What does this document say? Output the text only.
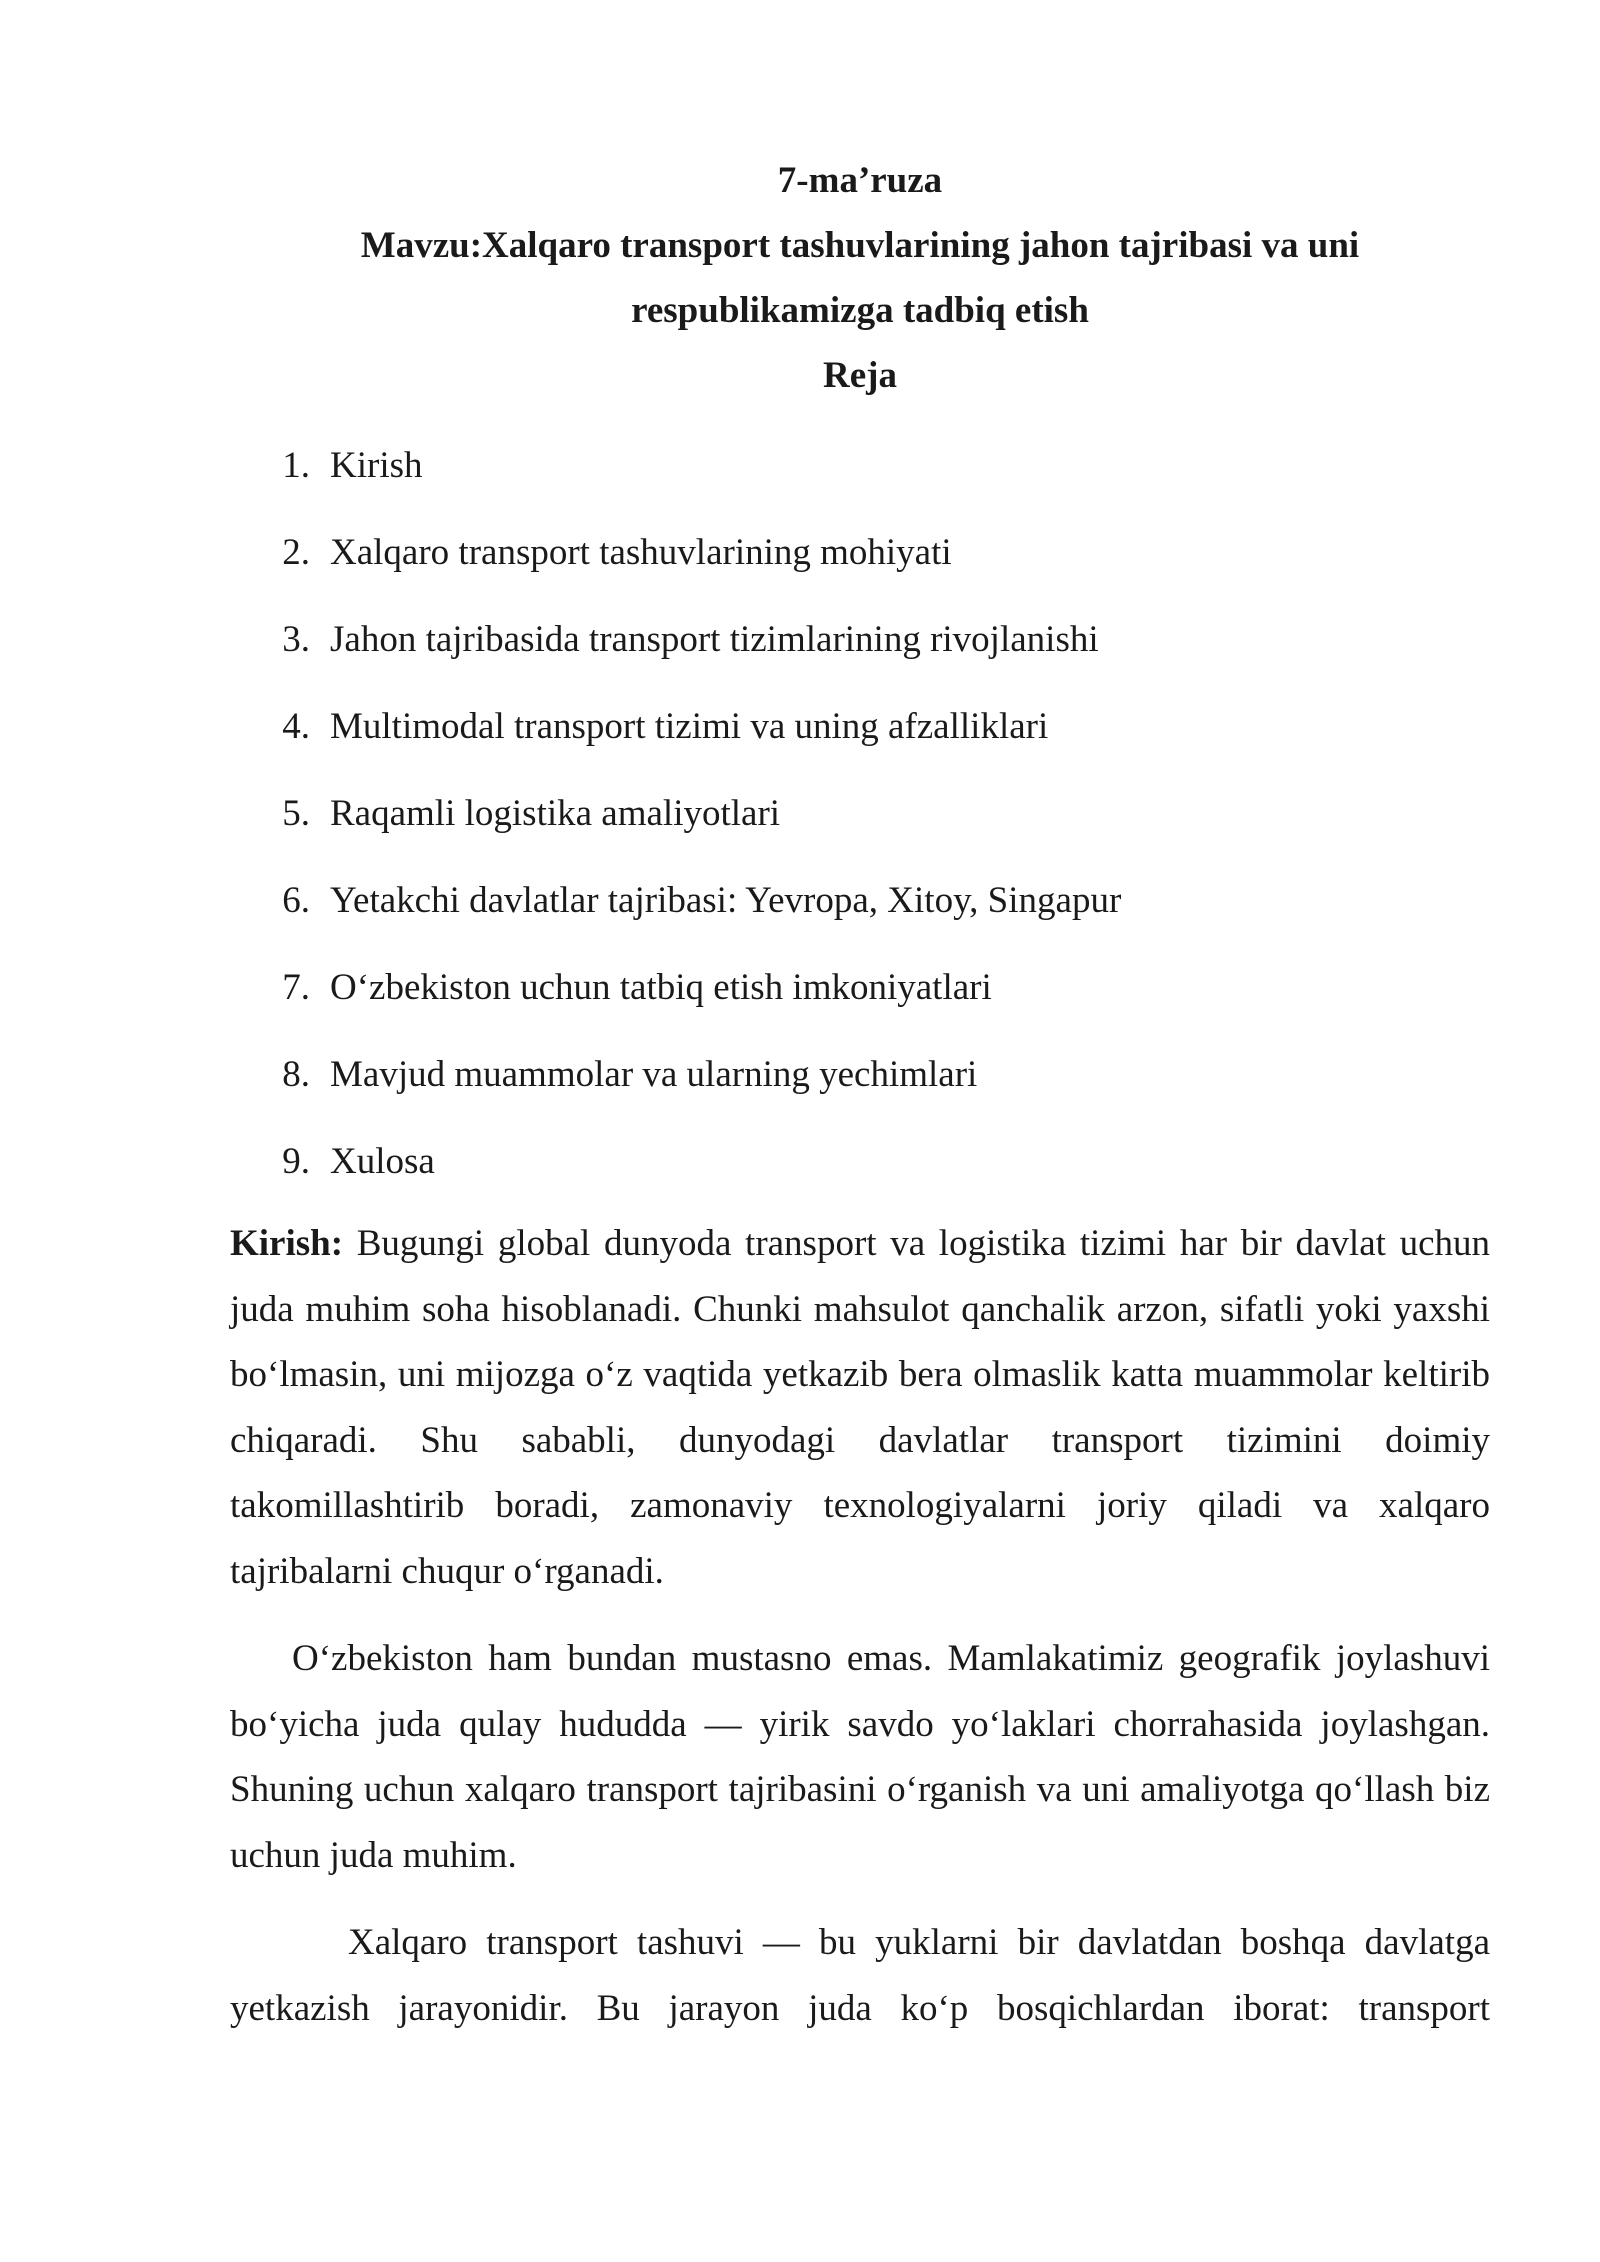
7-ma’ruza

Mavzu:Xalqaro transport tashuvlarining jahon tajribasi va uni

respublikamizga tadbiq etish

Reja

1. Kirish
2. Xalqaro transport tashuvlarining mohiyati
3. Jahon tajribasida transport tizimlarining rivojlanishi
4. Multimodal transport tizimi va uning afzalliklari
5. Raqamli logistika amaliyotlari
6. Yetakchi davlatlar tajribasi: Yevropa, Xitoy, Singapur
7. O‘zbekiston uchun tatbiq etish imkoniyatlari
8. Mavjud muammolar va ularning yechimlari
9. Xulosa

Kirish: Bugungi global dunyoda transport va logistika tizimi har bir davlat uchun juda muhim soha hisoblanadi. Chunki mahsulot qanchalik arzon, sifatli yoki yaxshi bo‘lmasin, uni mijozga o‘z vaqtida yetkazib bera olmaslik katta muammolar keltirib chiqaradi. Shu sababli, dunyodagi davlatlar transport tizimini doimiy takomillashtirib boradi, zamonaviy texnologiyalarni joriy qiladi va xalqaro tajribalarni chuqur o‘rganadi.

O‘zbekiston ham bundan mustasno emas. Mamlakatimiz geografik joylashuvi bo‘yicha juda qulay hududda — yirik savdo yo‘laklari chorrahasida joylashgan. Shuning uchun xalqaro transport tajribasini o‘rganish va uni amaliyotga qo‘llash biz uchun juda muhim.

Xalqaro transport tashuvi — bu yuklarni bir davlatdan boshqa davlatga yetkazish jarayonidir. Bu jarayon juda ko‘p bosqichlardan iborat: transport
